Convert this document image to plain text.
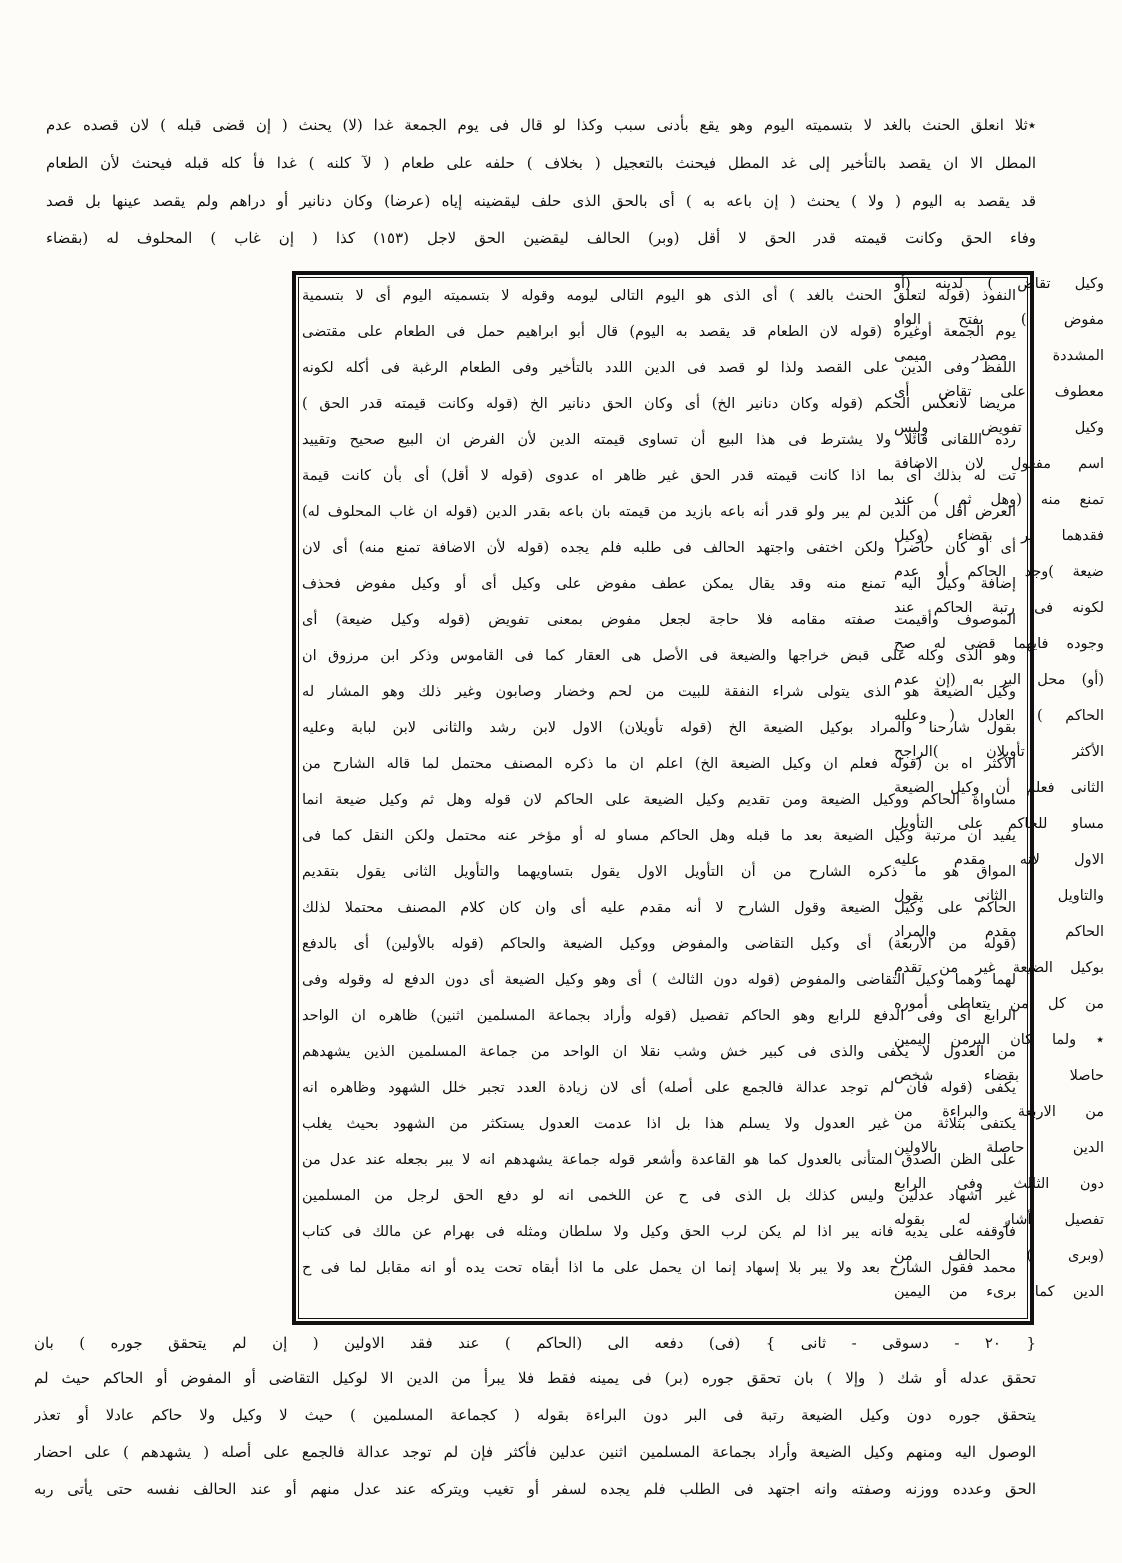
٭ثلا انعلق الحنث بالغد لا بتسميته اليوم وهو يقع بأدنى سبب وكذا لو قال فى يوم الجمعة غدا (لا) يحنث ( إن قضى قبله ) لان قصده عدم
المطل الا ان يقصد بالتأخير إلى غد المطل فيحنث بالتعجيل ( بخلاف ) حلفه على طعام ( لآ كلنه ) غدا فأ كله قبله فيحنث لأن الطعام
قد يقصد به اليوم ( ولا ) يحنث ( إن باعه به ) أى بالحق الذى حلف ليقضينه إياه (عرضا) وكان دنانير أو دراهم ولم يقصد عينها بل قصد
وفاء الحق وكانت قيمته قدر الحق لا أقل (وبر) الحالف ليقضين الحق لاجل (١٥٣) كذا ( إن غاب ) المحلوف له (بقضاء
وكيل تقاض ) لدينه (أو
مفوض ) بفتح الواو
المشددة مصدر ميمى
معطوف على تقاض أى
وكيل تفويض وليس
اسم مفعول لان الاضافة
تمنع منه (وهل ثم ) عند
فقدهما ير بقضاء (وكيل
ضيعة )وجد الحاكم أو عدم
لكونه فى رتبة الحاكم عند
وجوده فايهما قضى له صح
(أو) محل البر به (إن عدم
الحاكم ) العادل ( وعليه
الأكثر تأويلان )الراجح
الثانى فعلم أن وكيل الضيعة
مساو للحاكم على التأويل
الاول لانه مقدم عليه
والتاويل الثانى يقول
الحاكم مقدم والمراد
بوكيل الضيعة غير من تقدم
من كل من يتعاطى أموره
٭ ولما كان البرمن اليمين
حاصلا بقضاء شخص
من الاربعة والبراءة من
الدين حاصلة بالاولين
دون الثالث وفى الرابع
تفصيل أشار له بقوله
(وبرى ) الحالف من
الدين كما برىء من اليمين
النفوذ (قوله لتعلق الحنث بالغد ) أى الذى هو اليوم التالى ليومه وقوله لا بتسميته اليوم أى لا بتسمية
يوم الجمعة أوغيره (قوله لان الطعام قد يقصد به اليوم) قال أبو ابراهيم حمل فى الطعام على مقتضى
اللفظ وفى الدين على القصد ولذا لو قصد فى الدين اللدد بالتأخير وفى الطعام الرغبة فى أكله لكونه
مريضا لانعكس الحكم (قوله وكان دنانير الخ) أى وكان الحق دنانير الخ (قوله وكانت قيمته قدر الحق )
رده اللقانى قائلا ولا يشترط فى هذا البيع أن تساوى قيمته الدين لأن الفرض ان البيع صحيح وتقييد
تت له بذلك أى بما اذا كانت قيمته قدر الحق غير ظاهر اه عدوى (قوله لا أقل) أى بأن كانت قيمة
العرض أقل من الدين لم يبر ولو قدر أنه باعه بازيد من قيمته بان باعه بقدر الدين (قوله ان غاب المحلوف له)
أى أو كان حاضرا ولكن اختفى واجتهد الحالف فى طلبه فلم يجده (قوله لأن الاضافة تمنع منه) أى لان
إضافة وكيل اليه تمنع منه وقد يقال يمكن عطف مفوض على وكيل أى أو وكيل مفوض فحذف
الموصوف وأقيمت صفته مقامه فلا حاجة لجعل مفوض بمعنى تفويض (قوله وكيل ضيعة) أى
وهو الذى وكله على قبض خراجها والضيعة فى الأصل هى العقار كما فى القاموس وذكر ابن مرزوق ان
وكيل الضيعة هو الذى يتولى شراء النفقة للبيت من لحم وخضار وصابون وغير ذلك وهو المشار له
بقول شارحنا والمراد بوكيل الضيعة الخ (قوله تأويلان) الاول لابن رشد والثانى لابن لبابة وعليه
الأكثر اه بن (قوله فعلم ان وكيل الضيعة الخ) اعلم ان ما ذكره المصنف محتمل لما قاله الشارح من
مساواة الحاكم ووكيل الضيعة ومن تقديم وكيل الضيعة على الحاكم لان قوله وهل ثم وكيل ضيعة انما
يفيد ان مرتبة وكيل الضيعة بعد ما قبله وهل الحاكم مساو له أو مؤخر عنه محتمل ولكن النقل كما فى
المواق هو ما ذكره الشارح من أن التأويل الاول يقول بتساويهما والتأويل الثانى يقول بتقديم
الحاكم على وكيل الضيعة وقول الشارح لا أنه مقدم عليه أى وان كان كلام المصنف محتملا لذلك
(قوله من الأربعة) أى وكيل التقاضى والمفوض ووكيل الضيعة والحاكم (قوله بالأولين) أى بالدفع
لهما وهما وكيل التقاضى والمفوض (قوله دون الثالث ) أى وهو وكيل الضيعة أى دون الدفع له وقوله وفى
الرابع أى وفى الدفع للرابع وهو الحاكم تفصيل (قوله وأراد بجماعة المسلمين اثنين) ظاهره ان الواحد
من العدول لا يكفى والذى فى كبير خش وشب نقلا ان الواحد من جماعة المسلمين الذين يشهدهم
يكفى (قوله فان لم توجد عدالة فالجمع على أصله) أى لان زيادة العدد تجبر خلل الشهود وظاهره انه
يكتفى بثلاثة من غير العدول ولا يسلم هذا بل اذا عدمت العدول يستكثر من الشهود بحيث يغلب
على الظن الصدق المتأنى بالعدول كما هو القاعدة وأشعر قوله جماعة يشهدهم انه لا يبر بجعله عند عدل من
غير اشهاد عدلين وليس كذلك بل الذى فى ح عن اللخمى انه لو دفع الحق لرجل من المسلمين
فأوقفه على يديه فانه يبر اذا لم يكن لرب الحق وكيل ولا سلطان ومثله فى بهرام عن مالك فى كتاب
محمد فقول الشارح بعد ولا يبر بلا إسهاد إنما ان يحمل على ما اذا أبقاه تحت يده أو انه مقابل لما فى ح
{ ٢٠ - دسوقى - ثانى } (فى) دفعه الى (الحاكم ) عند فقد الاولين ( إن لم يتحقق جوره ) بان
تحقق عدله أو شك ( وإلا ) بان تحقق جوره (بر) فى يمينه فقط فلا يبرأ من الدين الا لوكيل التقاضى أو المفوض أو الحاكم حيث لم
يتحقق جوره دون وكيل الضيعة رتبة فى البر دون البراءة بقوله ( كجماعة المسلمين ) حيث لا وكيل ولا حاكم عادلا أو تعذر
الوصول اليه ومنهم وكيل الضيعة وأراد بجماعة المسلمين اثنين عدلين فأكثر فإن لم توجد عدالة فالجمع على أصله ( يشهدهم ) على احضار
الحق وعدده ووزنه وصفته وانه اجتهد فى الطلب فلم يجده لسفر أو تغيب ويتركه عند عدل منهم أو عند الحالف نفسه حتى يأتى ربه
